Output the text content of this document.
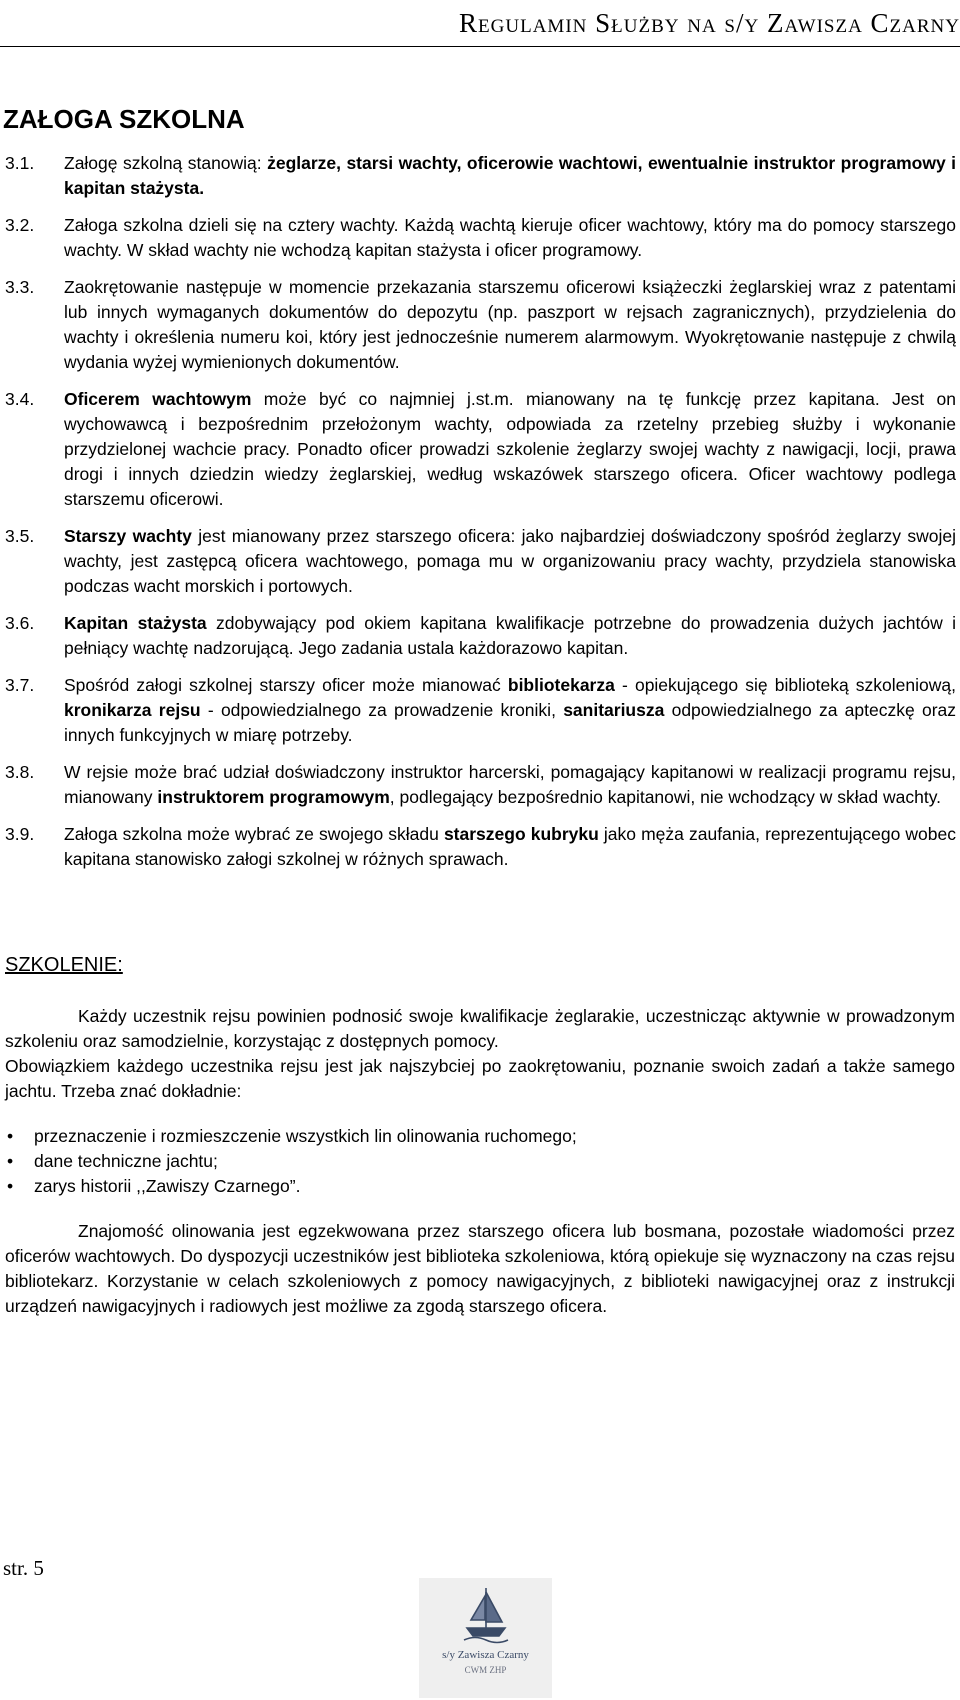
Regulamin Służby na s/y Zawisza Czarny
ZAŁOGA SZKOLNA
3.1. Załogę szkolną stanowią: żeglarze, starsi wachty, oficerowie wachtowi, ewentualnie instruktor programowy i kapitan stażysta.
3.2. Załoga szkolna dzieli się na cztery wachty. Każdą wachtą kieruje oficer wachtowy, który ma do pomocy starszego wachty. W skład wachty nie wchodzą kapitan stażysta i oficer programowy.
3.3. Zaokrętowanie następuje w momencie przekazania starszemu oficerowi książeczki żeglarskiej wraz z patentami lub innych wymaganych dokumentów do depozytu (np. paszport w rejsach zagranicznych), przydzielenia do wachty i określenia numeru koi, który jest jednocześnie numerem alarmowym. Wyokrętowanie następuje z chwilą wydania wyżej wymienionych dokumentów.
3.4. Oficerem wachtowym może być co najmniej j.st.m. mianowany na tę funkcję przez kapitana. Jest on wychowawcą i bezpośrednim przełożonym wachty, odpowiada za rzetelny przebieg służby i wykonanie przydzielonej wachcie pracy. Ponadto oficer prowadzi szkolenie żeglarzy swojej wachty z nawigacji, locji, prawa drogi i innych dziedzin wiedzy żeglarskiej, według wskazówek starszego oficera. Oficer wachtowy podlega starszemu oficerowi.
3.5. Starszy wachty jest mianowany przez starszego oficera: jako najbardziej doświadczony spośród żeglarzy swojej wachty, jest zastępcą oficera wachtowego, pomaga mu w organizowaniu pracy wachty, przydziela stanowiska podczas wacht morskich i portowych.
3.6. Kapitan stażysta zdobywający pod okiem kapitana kwalifikacje potrzebne do prowadzenia dużych jachtów i pełniący wachtę nadzorującą. Jego zadania ustala każdorazowo kapitan.
3.7. Spośród załogi szkolnej starszy oficer może mianować bibliotekarza - opiekującego się biblioteką szkoleniową, kronikarza rejsu - odpowiedzialnego za prowadzenie kroniki, sanitariusza odpowiedzialnego za apteczkę oraz innych funkcyjnych w miarę potrzeby.
3.8. W rejsie może brać udział doświadczony instruktor harcerski, pomagający kapitanowi w realizacji programu rejsu, mianowany instruktorem programowym, podlegający bezpośrednio kapitanowi, nie wchodzący w skład wachty.
3.9. Załoga szkolna może wybrać ze swojego składu starszego kubryku jako męża zaufania, reprezentującego wobec kapitana stanowisko załogi szkolnej w różnych sprawach.
SZKOLENIE:

Każdy uczestnik rejsu powinien podnosić swoje kwalifikacje żeglarakie, uczestnicząc aktywnie w prowadzonym szkoleniu oraz samodzielnie, korzystając z dostępnych pomocy.

Obowiązkiem każdego uczestnika rejsu jest jak najszybciej po zaokrętowaniu, poznanie swoich zadań a także samego jachtu. Trzeba znać dokładnie:

• przeznaczenie i rozmieszczenie wszystkich lin olinowania ruchomego;
• dane techniczne jachtu;
• zarys historii ,,Zawiszy Czarnego”.

Znajomość olinowania jest egzekwowana przez starszego oficera lub bosmana, pozostałe wiadomości przez oficerów wachtowych. Do dyspozycji uczestników jest biblioteka szkoleniowa, którą opiekuje się wyznaczony na czas rejsu bibliotekarz. Korzystanie w celach szkoleniowych z pomocy nawigacyjnych, z biblioteki nawigacyjnej oraz z instrukcji urządzeń nawigacyjnych i radiowych jest możliwe za zgodą starszego oficera.

str. 5
s/y Zawisza Czarny
CWM ZHP
